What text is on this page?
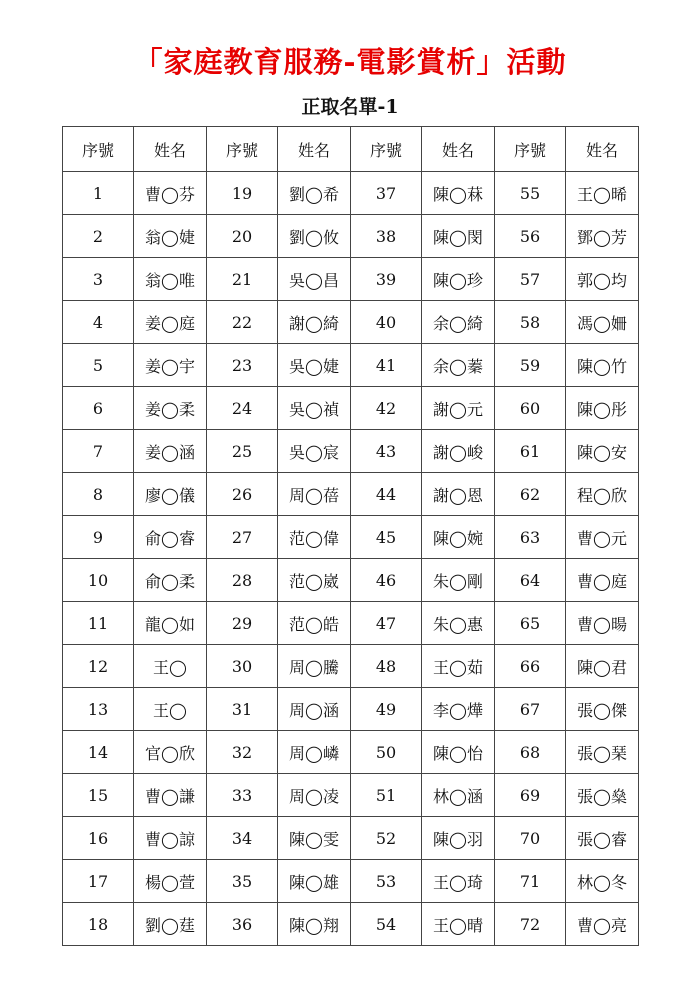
「家庭教育服務-電影賞析」活動
正取名單-1
序號	姓名	序號	姓名	序號	姓名	序號	姓名
1	曹◯芬	19	劉◯希	37	陳◯菻	55	王◯晞
2	翁◯婕	20	劉◯攸	38	陳◯閔	56	鄧◯芳
3	翁◯唯	21	吳◯昌	39	陳◯珍	57	郭◯均
4	姜◯庭	22	謝◯綺	40	余◯綺	58	馮◯姍
5	姜◯宇	23	吳◯婕	41	余◯蓁	59	陳◯竹
6	姜◯柔	24	吳◯禎	42	謝◯元	60	陳◯彤
7	姜◯涵	25	吳◯宸	43	謝◯峻	61	陳◯安
8	廖◯儀	26	周◯蓓	44	謝◯恩	62	程◯欣
9	俞◯睿	27	范◯偉	45	陳◯婉	63	曹◯元
10	俞◯柔	28	范◯崴	46	朱◯剛	64	曹◯庭
11	龍◯如	29	范◯皓	47	朱◯惠	65	曹◯暘
12	王◯	30	周◯騰	48	王◯茹	66	陳◯君
13	王◯	31	周◯涵	49	李◯燁	67	張◯傑
14	官◯欣	32	周◯嶙	50	陳◯怡	68	張◯琹
15	曹◯謙	33	周◯凌	51	林◯涵	69	張◯燊
16	曹◯諒	34	陳◯雯	52	陳◯羽	70	張◯睿
17	楊◯萱	35	陳◯雄	53	王◯琦	71	林◯冬
18	劉◯莛	36	陳◯翔	54	王◯晴	72	曹◯亮
